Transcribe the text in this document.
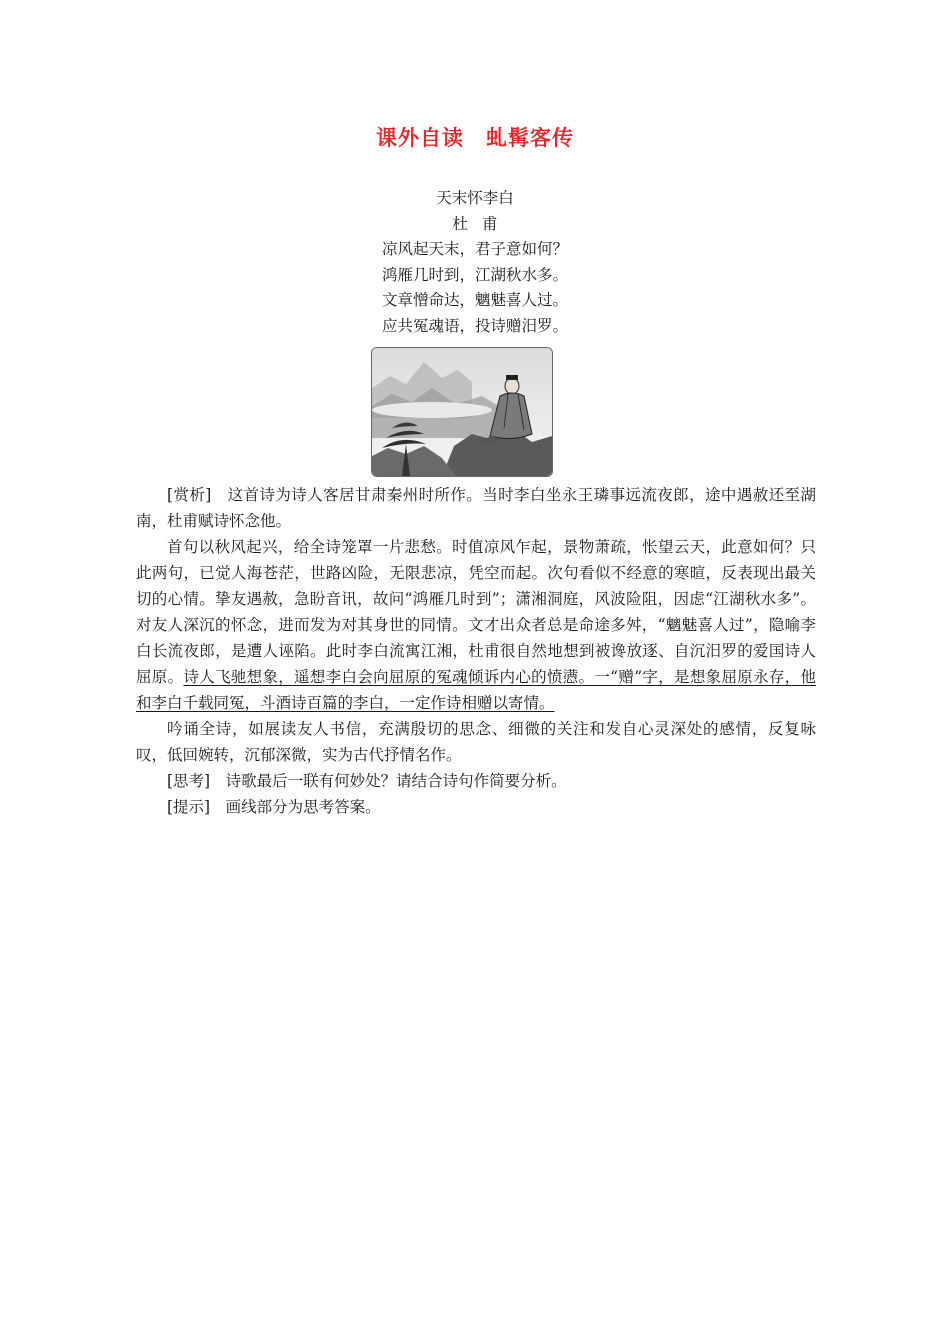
课外自读　虬髯客传
天末怀李白
杜甫
凉风起天末，君子意如何？
鸿雁几时到，江湖秋水多。
文章憎命达，魑魅喜人过。
应共冤魂语，投诗赠汨罗。

[赏析]　 这首诗为诗人客居甘肃秦州时所作。当时李白坐永王璘事远流夜郎，途中遇赦还至湖南，杜甫赋诗怀念他。

首句以秋风起兴，给全诗笼罩一片悲愁。时值凉风乍起，景物萧疏，怅望云天，此意如何？只此两句，已觉人海苍茫，世路凶险，无限悲凉，凭空而起。次句看似不经意的寒暄，反表现出最关切的心情。挚友遇赦，急盼音讯，故问“鸿雁几时到”；潇湘洞庭，风波险阻，因虑“江湖秋水多”。对友人深沉的怀念，进而发为对其身世的同情。文才出众者总是命途多舛，“魑魅喜人过”，隐喻李白长流夜郎，是遭人诬陷。此时李白流寓江湘，杜甫很自然地想到被谗放逐、自沉汨罗的爱国诗人屈原。诗人飞驰想象，遥想李白会向屈原的冤魂倾诉内心的愤懑。一“赠”字，是想象屈原永存，他和李白千载同冤，斗酒诗百篇的李白，一定作诗相赠以寄情。

吟诵全诗，如展读友人书信，充满殷切的思念、细微的关注和发自心灵深处的感情，反复咏叹，低回婉转，沉郁深微，实为古代抒情名作。

[思考]　 诗歌最后一联有何妙处？请结合诗句作简要分析。

[提示]　 画线部分为思考答案。
